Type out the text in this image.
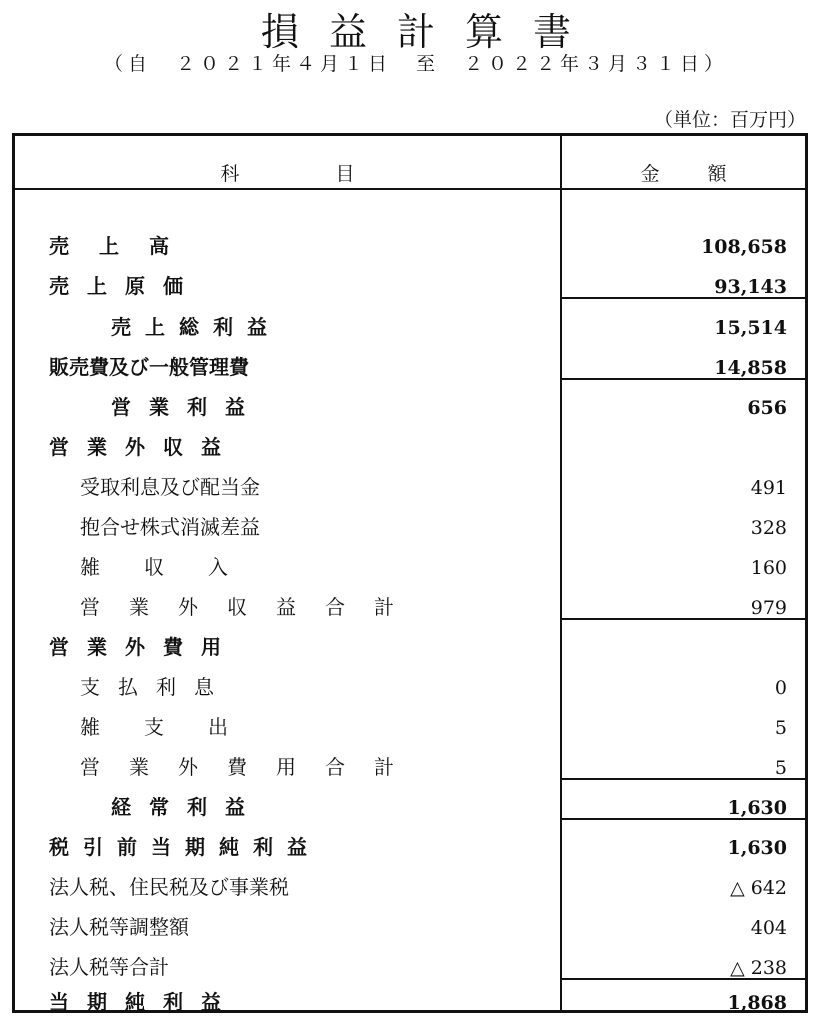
損益計算書
（自　２０２１年４月１日　至　２０２２年３月３１日）
（単位：百万円）
科目	金額
売上高	108,658
売上原価	93,143
売上総利益	15,514
販売費及び一般管理費	14,858
営業利益	656
営業外収益
受取利息及び配当金	491
抱合せ株式消滅差益	328
雑収入	160
営業外収益合計	979
営業外費用
支払利息	0
雑支出	5
営業外費用合計	5
経常利益	1,630
税引前当期純利益	1,630
法人税、住民税及び事業税	△ 642
法人税等調整額	404
法人税等合計	△ 238
当期純利益	1,868
